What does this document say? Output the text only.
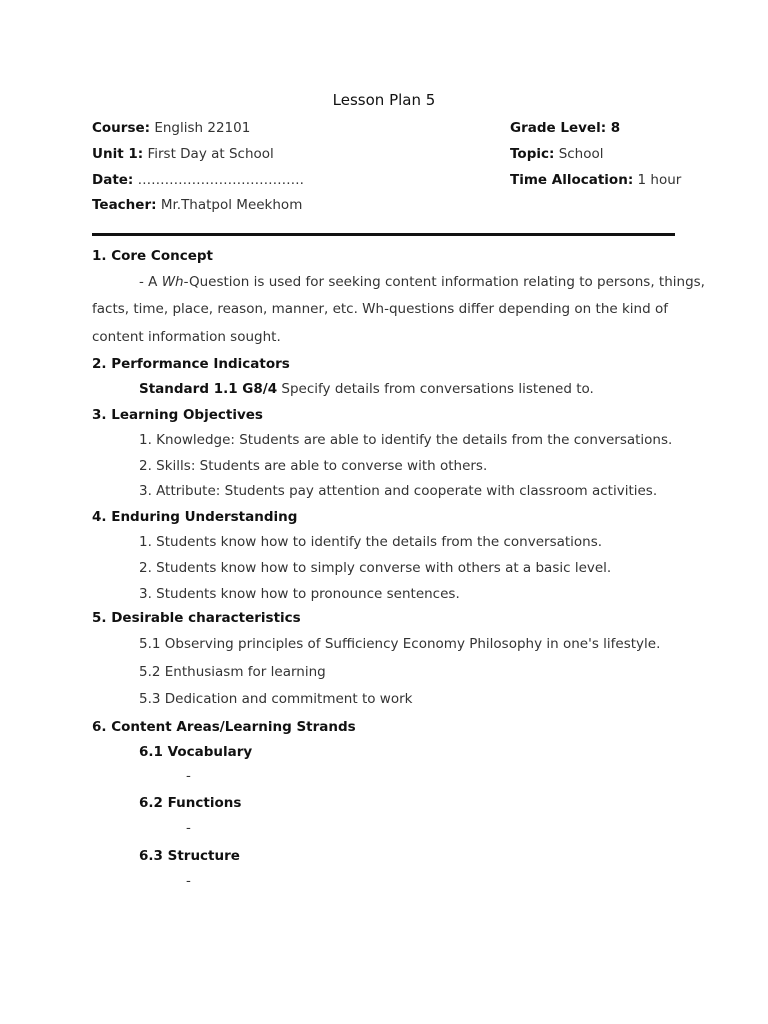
Lesson Plan 5
Course: English 22101	Grade Level: 8
Unit 1: First Day at School	Topic: School
Date: ……………………………….	Time Allocation: 1 hour
Teacher: Mr.Thatpol Meekhom
1. Core Concept
- A Wh-Question is used for seeking content information relating to persons, things,
facts, time, place, reason, manner, etc. Wh-questions differ depending on the kind of
content information sought.
2. Performance Indicators
Standard 1.1 G8/4 Specify details from conversations listened to.
3. Learning Objectives
1. Knowledge: Students are able to identify the details from the conversations.
2. Skills: Students are able to converse with others.
3. Attribute: Students pay attention and cooperate with classroom activities.
4. Enduring Understanding
1. Students know how to identify the details from the conversations.
2. Students know how to simply converse with others at a basic level.
3. Students know how to pronounce sentences.
5. Desirable characteristics
5.1 Observing principles of Sufficiency Economy Philosophy in one's lifestyle.
5.2 Enthusiasm for learning
5.3 Dedication and commitment to work
6. Content Areas/Learning Strands
6.1 Vocabulary
-
6.2 Functions
-
6.3 Structure
-
